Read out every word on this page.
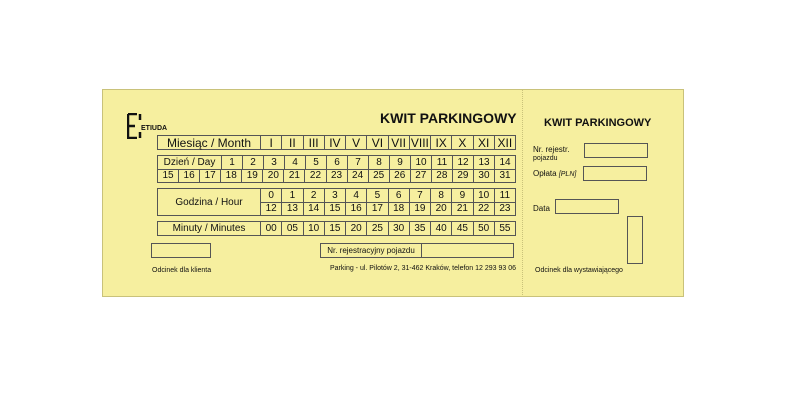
ETIUDA
KWIT PARKINGOWY
Miesiąc / Month	I	II	III IV V VI VII VIII IX X XI XII
Dzień / Day	1	2	3	4	5	6	7	8	9	10	11	12 13 14
15 16 17 18 19 20 21 22 23 24 25 26 27 28 29 30 31
Godzina / Hour
0	1	2	3	4	5	6	7	8	9	10	11
12	13	14	15	16	17	18	19	20	21	22	23
Minuty / Minutes	00	05	10	15	20	25	30	35	40	45	50	55
Nr. rejestracyjny pojazdu
Odcinek dla klienta	Parking - ul. Pilotów 2, 31-462 Kraków, telefon 12 293 93 06
KWIT PARKINGOWY
Nr. rejestr.
pojazdu
Opłata [PLN]
Data
Odcinek dla wystawiającego
